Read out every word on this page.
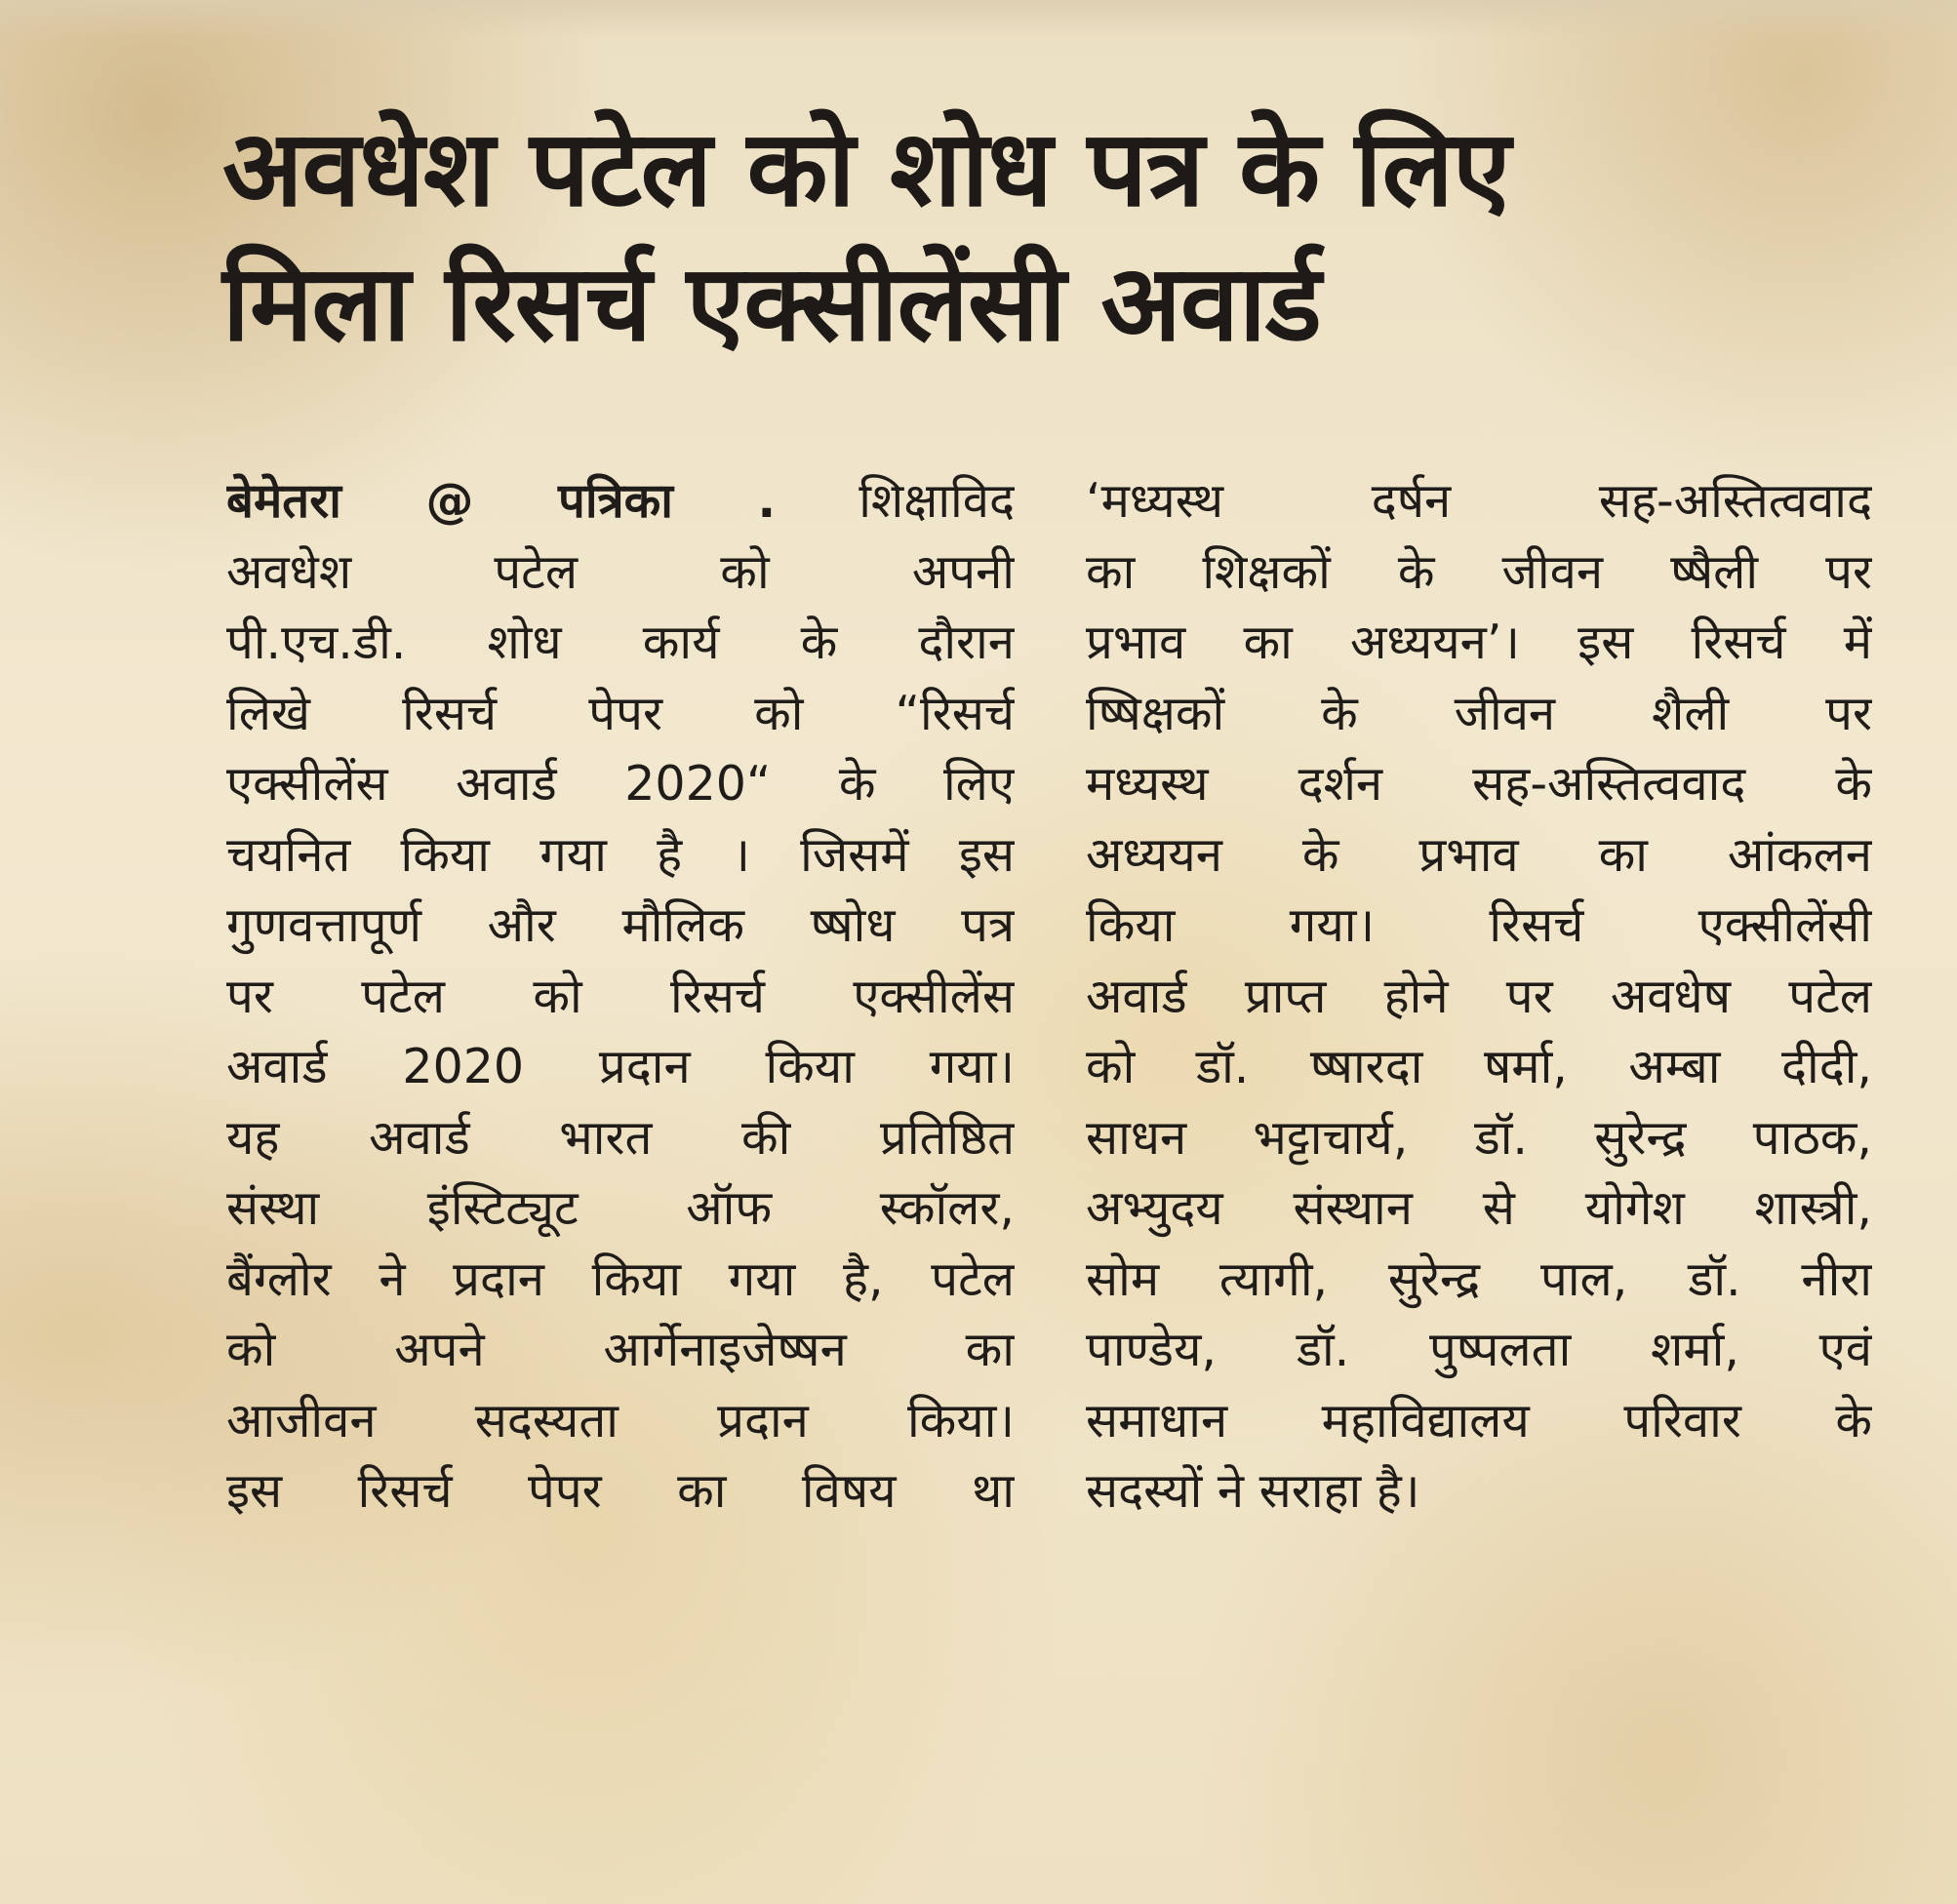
अवधेश पटेल को शोध पत्र के लिए
मिला रिसर्च एक्सीलेंसी अवार्ड
बेमेतरा @ पत्रिका . शिक्षाविद
अवधेश पटेल को अपनी
पी.एच.डी. शोध कार्य के दौरान
लिखे रिसर्च पेपर को “रिसर्च
एक्सीलेंस अवार्ड 2020“ के लिए
चयनित किया गया है । जिसमें इस
गुणवत्तापूर्ण और मौलिक ष्षोध पत्र
पर पटेल को रिसर्च एक्सीलेंस
अवार्ड 2020 प्रदान किया गया।
यह अवार्ड भारत की प्रतिष्ठित
संस्था इंस्टिट्यूट ऑफ स्कॉलर,
बैंग्लोर ने प्रदान किया गया है, पटेल
को अपने आर्गेनाइजेष्षन का
आजीवन सदस्यता प्रदान किया।
इस रिसर्च पेपर का विषय था
‘मध्यस्थ दर्षन सह-अस्तित्ववाद
का शिक्षकों के जीवन ष्षैली पर
प्रभाव का अध्ययन’। इस रिसर्च में
ष्षिक्षकों के जीवन शैली पर
मध्यस्थ दर्शन सह-अस्तित्ववाद के
अध्ययन के प्रभाव का आंकलन
किया गया। रिसर्च एक्सीलेंसी
अवार्ड प्राप्त होने पर अवधेष पटेल
को डॉ. ष्षारदा षर्मा, अम्बा दीदी,
साधन भट्टाचार्य, डॉ. सुरेन्द्र पाठक,
अभ्युदय संस्थान से योगेश शास्त्री,
सोम त्यागी, सुरेन्द्र पाल, डॉ. नीरा
पाण्डेय, डॉ. पुष्पलता शर्मा, एवं
समाधान महाविद्यालय परिवार के
सदस्यों ने सराहा है।
